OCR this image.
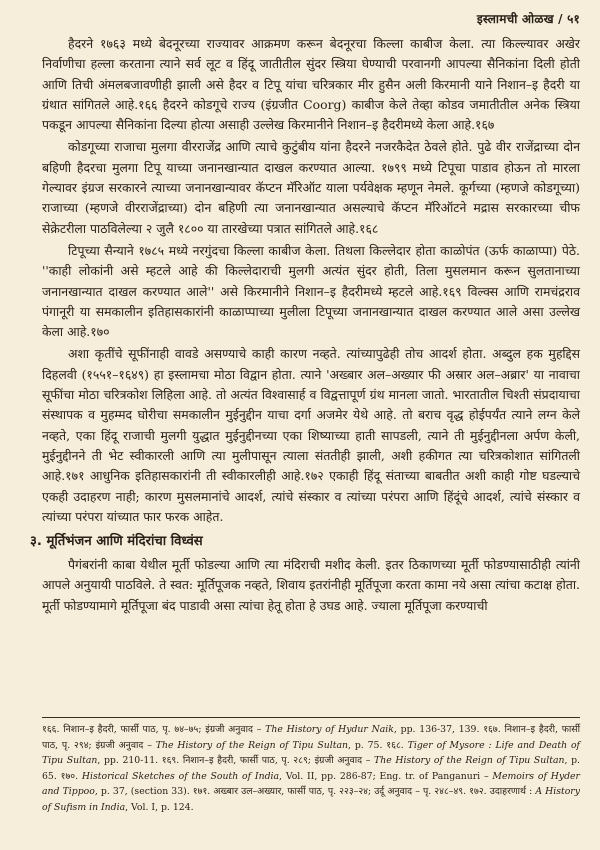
इस्लामची ओळख / ५१

हैदरने १७६३ मध्ये बेदनूरच्या राज्यावर आक्रमण करून बेदनूरचा किल्ला काबीज केला. त्या किल्ल्यावर अखेर निर्वाणीचा हल्ला करताना त्याने सर्व लूट व हिंदू जातीतील सुंदर स्त्रिया घेण्याची परवानगी आपल्या सैनिकांना दिली होती आणि तिची अंमलबजावणीही झाली असे हैदर व टिपू यांचा चरित्रकार मीर हुसैन अली किरमानी याने निशान–इ हैदरी या ग्रंथात सांगितले आहे.१६६ हैदरने कोडगूचे राज्य (इंग्रजीत Coorg) काबीज केले तेव्हा कोडव जमातीतील अनेक स्त्रिया पकडून आपल्या सैनिकांना दिल्या होत्या असाही उल्लेख किरमानीने निशान–इ हैदरीमध्ये केला आहे.१६७

कोडगूच्या राजाचा मुलगा वीरराजेंद्र आणि त्याचे कुटुंबीय यांना हैदरने नजरकैदेत ठेवले होते. पुढे वीर राजेंद्राच्या दोन बहिणी हैदरचा मुलगा टिपू याच्या जनानखान्यात दाखल करण्यात आल्या. १७९९ मध्ये टिपूचा पाडाव होऊन तो मारला गेल्यावर इंग्रज सरकारने त्याच्या जनानखान्यावर कॅप्टन मॅरिऑट याला पर्यवेक्षक म्हणून नेमले. कूर्गच्या (म्हणजे कोडगूच्या) राजाच्या (म्हणजे वीरराजेंद्राच्या) दोन बहिणी त्या जनानखान्यात असल्याचे कॅप्टन मॅरिऑटने मद्रास सरकारच्या चीफ सेक्रेटरीला पाठविलेल्या २ जुलै १८०० या तारखेच्या पत्रात सांगितले आहे.१६८

टिपूच्या सैन्याने १७८५ मध्ये नरगुंदचा किल्ला काबीज केला. तिथला किल्लेदार होता काळोपंत (ऊर्फ काळाप्पा) पेठे. ''काही लोकांनी असे म्हटले आहे की किल्लेदाराची मुलगी अत्यंत सुंदर होती, तिला मुसलमान करून सुलतानाच्या जनानखान्यात दाखल करण्यात आले'' असे किरमानीने निशान–इ हैदरीमध्ये म्हटले आहे.१६९ विल्क्स आणि रामचंद्रराव पंगानूरी या समकालीन इतिहासकारांनी काळाप्पाच्या मुलीला टिपूच्या जनानखान्यात दाखल करण्यात आले असा उल्लेख केला आहे.१७०

अशा कृतींचे सूफींनाही वावडे असण्याचे काही कारण नव्हते. त्यांच्यापुढेही तोच आदर्श होता. अब्दुल हक मुहद्दिस दिहलवी (१५५१–१६४९) हा इस्लामचा मोठा विद्वान होता. त्याने 'अख्बार अल–अख्यार फी अस्रार अल–अब्रार' या नावाचा सूफींचा मोठा चरित्रकोश लिहिला आहे. तो अत्यंत विश्वासार्ह व विद्वत्तापूर्ण ग्रंथ मानला जातो. भारतातील चिश्ती संप्रदायाचा संस्थापक व मुहम्मद घोरीचा समकालीन मुईनुद्दीन याचा दर्गा अजमेर येथे आहे. तो बराच वृद्ध होईपर्यंत त्याने लग्न केले नव्हते, एका हिंदू राजाची मुलगी युद्धात मुईनुद्दीनच्या एका शिष्याच्या हाती सापडली, त्याने ती मुईनुद्दीनला अर्पण केली, मुईनुद्दीनने ती भेट स्वीकारली आणि त्या मुलीपासून त्याला संततीही झाली, अशी हकीगत त्या चरित्रकोशात सांगितली आहे.१७१ आधुनिक इतिहासकारांनी ती स्वीकारलीही आहे.१७२ एकाही हिंदू संताच्या बाबतीत अशी काही गोष्ट घडल्याचे एकही उदाहरण नाही; कारण मुसलमानांचे आदर्श, त्यांचे संस्कार व त्यांच्या परंपरा आणि हिंदूंचे आदर्श, त्यांचे संस्कार व त्यांच्या परंपरा यांच्यात फार फरक आहेत.

३. मूर्तिभंजन आणि मंदिरांचा विध्वंस

पैगंबरांनी काबा येथील मूर्ती फोडल्या आणि त्या मंदिराची मशीद केली. इतर ठिकाणच्या मूर्ती फोडण्यासाठीही त्यांनी आपले अनुयायी पाठविले. ते स्वत: मूर्तिपूजक नव्हते, शिवाय इतरांनीही मूर्तिपूजा करता कामा नये असा त्यांचा कटाक्ष होता. मूर्ती फोडण्यामागे मूर्तिपूजा बंद पाडावी असा त्यांचा हेतू होता हे उघड आहे. ज्याला मूर्तिपूजा करण्याची

१६६. निशान–इ हैदरी, फार्सी पाठ, पृ. ७४–७५; इंग्रजी अनुवाद – The History of Hydur Naik, pp. 136-37, 139. १६७. निशान–इ हैदरी, फार्सी पाठ, पृ. २९४; इंग्रजी अनुवाद – The History of the Reign of Tipu Sultan, p. 75. १६८. Tiger of Mysore : Life and Death of Tipu Sultan, pp. 210-11. १६९. निशान–इ हैदरी, फार्सी पाठ, पृ. २८९; इंग्रजी अनुवाद – The History of the Reign of Tipu Sultan, p. 65. १७०. Historical Sketches of the South of India, Vol. II, pp. 286-87; Eng. tr. of Panganuri – Memoirs of Hyder and Tippoo, p. 37, (section 33). १७१. अख्बार उल–अख्यार, फार्सी पाठ, पृ. २२३–२४; उर्दू अनुवाद – पृ. २४८–४९. १७२. उदाहरणार्थ : A History of Sufism in India, Vol. I, p. 124.
